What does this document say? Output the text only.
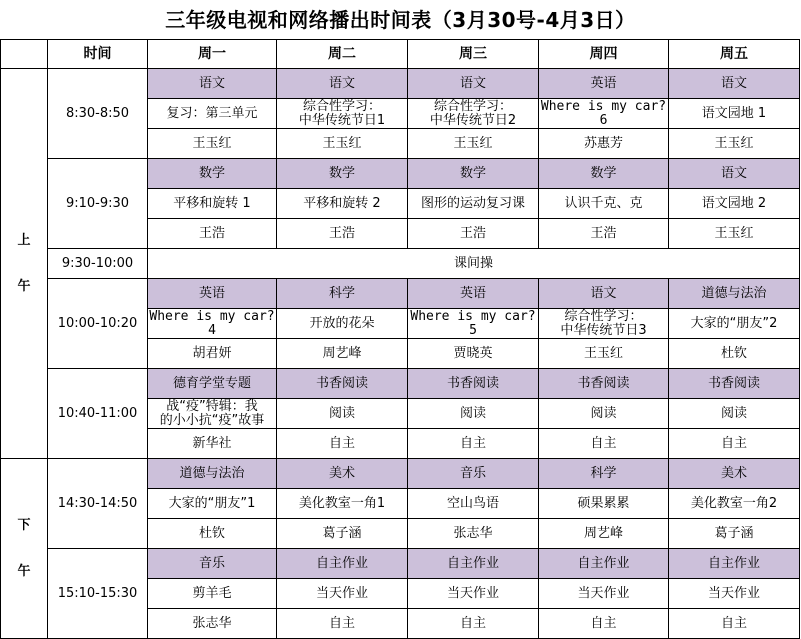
三年级电视和网络播出时间表（3月30号-4月3日）
	时间	周一	周二	周三	周四	周五

上
午	8:30-8:50	语文	语文	语文	英语	语文
		复习：第三单元	综合性学习：
中华传统节日1	综合性学习：
中华传统节日2	Where is my car?6	语文园地 1
		王玉红	王玉红	王玉红	苏惠芳	王玉红
	9:10-9:30	数学	数学	数学	数学	语文
		平移和旋转 1	平移和旋转 2	图形的运动复习课	认识千克、克	语文园地 2
		王浩	王浩	王浩	王浩	王玉红
	9:30-10:00	课间操				
	10:00-10:20	英语	科学	英语	语文	道德与法治
		Where is my car?4	开放的花朵	Where is my car?5	综合性学习：
中华传统节日3	大家的“朋友”2
		胡君妍	周艺峰	贾晓英	王玉红	杜钦
	10:40-11:00	德育学堂专题	书香阅读	书香阅读	书香阅读	书香阅读
		战“疫”特辑：我
的小小抗“疫”故事	阅读	阅读	阅读	阅读
		新华社	自主	自主	自主	自主

下
午	14:30-14:50	道德与法治	美术	音乐	科学	美术
		大家的“朋友”1	美化教室一角1	空山鸟语	硕果累累	美化教室一角2
		杜钦	葛子涵	张志华	周艺峰	葛子涵
	15:10-15:30	音乐	自主作业	自主作业	自主作业	自主作业
		剪羊毛	当天作业	当天作业	当天作业	当天作业
		张志华	自主	自主	自主	自主
